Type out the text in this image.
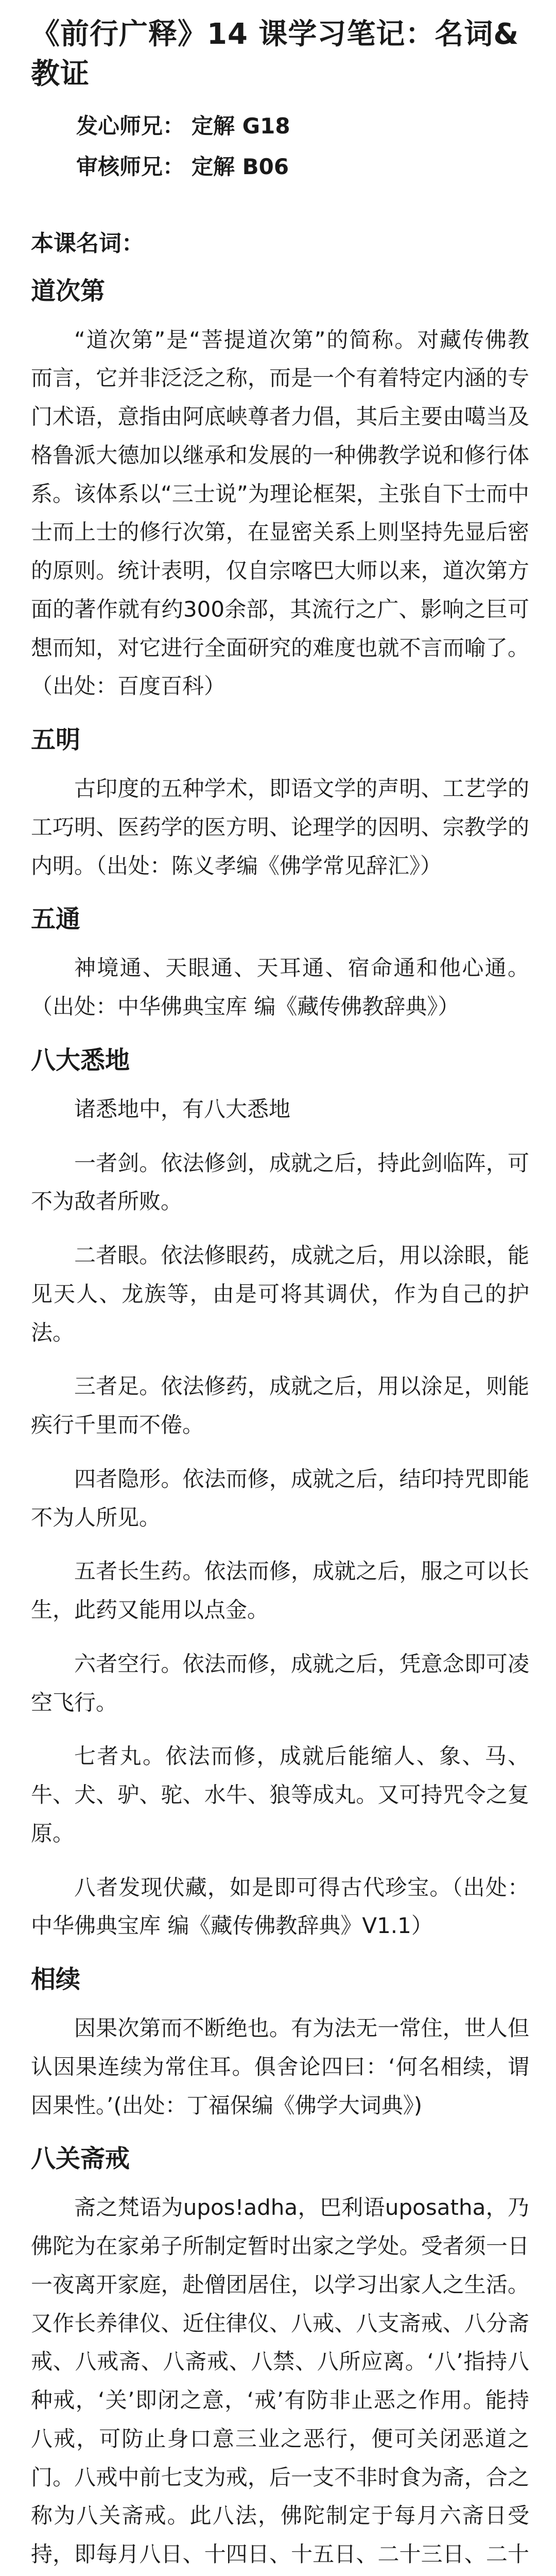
《前行广释》14 课学习笔记：名词&教证
发心师兄： 定解 G18
审核师兄： 定解 B06
本课名词：
道次第

“道次第”是“菩提道次第”的简称。对藏传佛教而言，它并非泛泛之称，而是一个有着特定内涵的专门术语，意指由阿底峡尊者力倡，其后主要由噶当及格鲁派大德加以继承和发展的一种佛教学说和修行体系。该体系以“三士说”为理论框架，主张自下士而中士而上士的修行次第，在显密关系上则坚持先显后密的原则。统计表明，仅自宗喀巴大师以来，道次第方面的著作就有约300余部，其流行之广、影响之巨可想而知，对它进行全面研究的难度也就不言而喻了。（出处：百度百科）

五明

古印度的五种学术，即语文学的声明、工艺学的工巧明、医药学的医方明、论理学的因明、宗教学的内明。（出处：陈义孝编《佛学常见辞汇》）

五通

神境通、天眼通、天耳通、宿命通和他心通。（出处：中华佛典宝库 编《藏传佛教辞典》）

八大悉地

诸悉地中，有八大悉地

一者剑。依法修剑，成就之后，持此剑临阵，可不为敌者所败。

二者眼。依法修眼药，成就之后，用以涂眼，能见天人、龙族等，由是可将其调伏，作为自己的护法。

三者足。依法修药，成就之后，用以涂足，则能疾行千里而不倦。

四者隐形。依法而修，成就之后，结印持咒即能不为人所见。

五者长生药。依法而修，成就之后，服之可以长生，此药又能用以点金。

六者空行。依法而修，成就之后，凭意念即可凌空飞行。

七者丸。依法而修，成就后能缩人、象、马、牛、犬、驴、驼、水牛、狼等成丸。又可持咒令之复原。

八者发现伏藏，如是即可得古代珍宝。（出处：中华佛典宝库 编《藏传佛教辞典》V1.1）

相续

因果次第而不断绝也。有为法无一常住，世人但认因果连续为常住耳。俱舍论四曰：‘何名相续，谓因果性。’(出处：丁福保编《佛学大词典》)

八关斋戒

斋之梵语为upos!adha，巴利语uposatha，乃佛陀为在家弟子所制定暂时出家之学处。受者须一日一夜离开家庭，赴僧团居住，以学习出家人之生活。又作长养律仪、近住律仪、八戒、八支斋戒、八分斋戒、八戒斋、八斋戒、八禁、八所应离。‘八’指持八种戒，‘关’即闭之意，‘戒’有防非止恶之作用。能持八戒，可防止身口意三业之恶行，便可关闭恶道之门。八戒中前七支为戒，后一支不非时食为斋，合之称为八关斋戒。此八法，佛陀制定于每月六斋日受持，即每月八日、十四日、十五日、二十三日、二十
